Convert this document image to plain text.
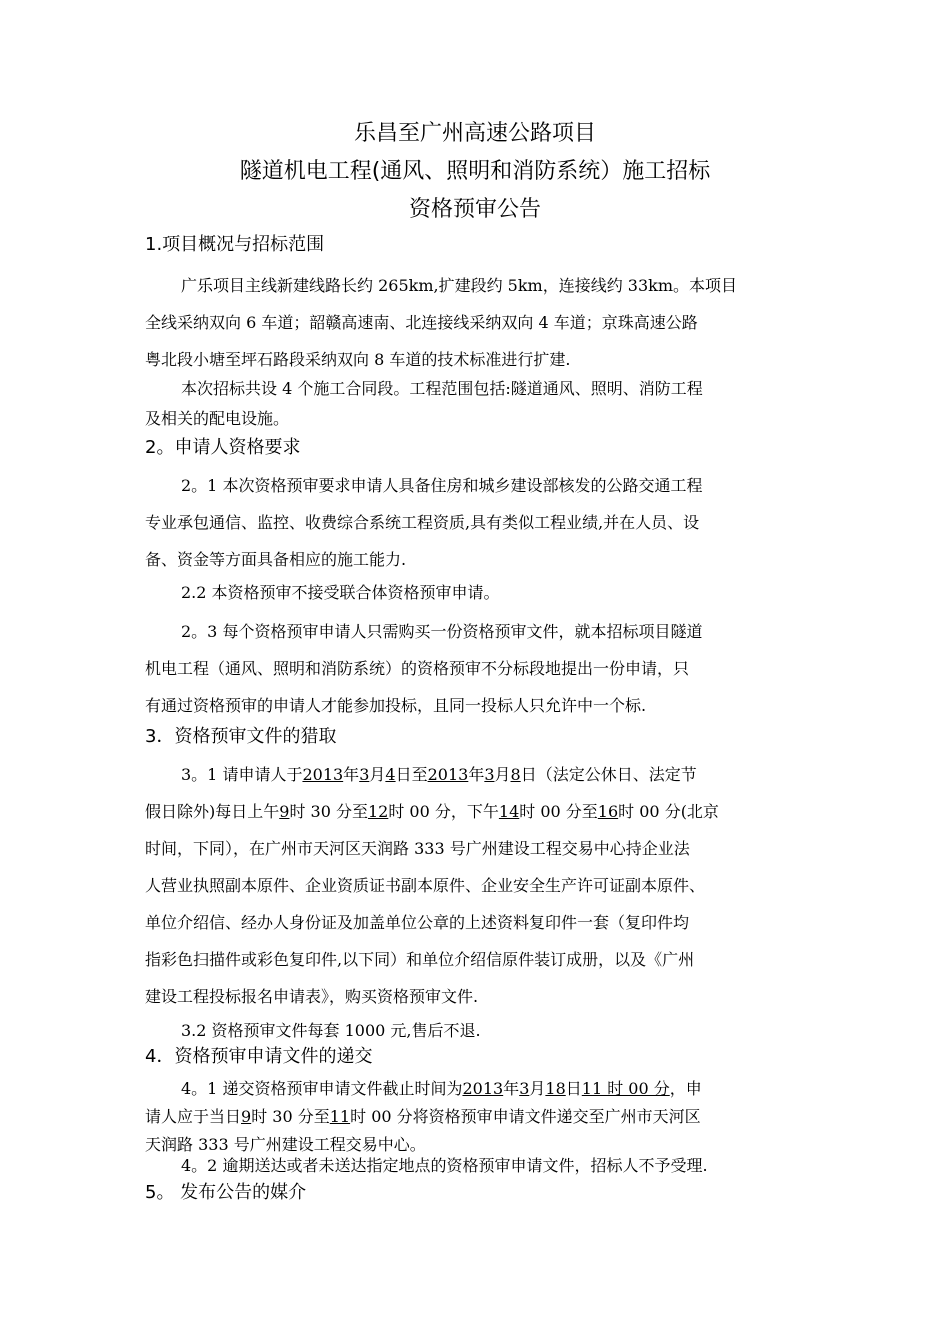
乐昌至广州高速公路项目
隧道机电工程(通风、照明和消防系统）施工招标
资格预审公告
1.项目概况与招标范围
广乐项目主线新建线路长约 265km,扩建段约 5km，连接线约 33km。本项目
全线采纳双向 6 车道；韶赣高速南、北连接线采纳双向 4 车道；京珠高速公路
粤北段小塘至坪石路段采纳双向 8 车道的技术标准进行扩建.
本次招标共设 4 个施工合同段。工程范围包括:隧道通风、照明、消防工程
及相关的配电设施。
2。申请人资格要求
2。1 本次资格预审要求申请人具备住房和城乡建设部核发的公路交通工程
专业承包通信、监控、收费综合系统工程资质,具有类似工程业绩,并在人员、设
备、资金等方面具备相应的施工能力.
2.2 本资格预审不接受联合体资格预审申请。
2。3 每个资格预审申请人只需购买一份资格预审文件，就本招标项目隧道
机电工程（通风、照明和消防系统）的资格预审不分标段地提出一份申请，只
有通过资格预审的申请人才能参加投标，且同一投标人只允许中一个标.
3．资格预审文件的猎取
3。1 请申请人于2013年3月4日至2013年3月8日（法定公休日、法定节
假日除外)每日上午9时 30 分至12时 00 分，下午14时 00 分至16时 00 分(北京
时间，下同），在广州市天河区天润路 333 号广州建设工程交易中心持企业法
人营业执照副本原件、企业资质证书副本原件、企业安全生产许可证副本原件、
单位介绍信、经办人身份证及加盖单位公章的上述资料复印件一套（复印件均
指彩色扫描件或彩色复印件,以下同）和单位介绍信原件装订成册，以及《广州
建设工程投标报名申请表》，购买资格预审文件.
3.2 资格预审文件每套 1000 元,售后不退.
4．资格预审申请文件的递交
4。1 递交资格预审申请文件截止时间为2013年3月18日11 时 00 分，申
请人应于当日9时 30 分至11时 00 分将资格预审申请文件递交至广州市天河区
天润路 333 号广州建设工程交易中心。
4。2 逾期送达或者未送达指定地点的资格预审申请文件，招标人不予受理.
5。 发布公告的媒介
